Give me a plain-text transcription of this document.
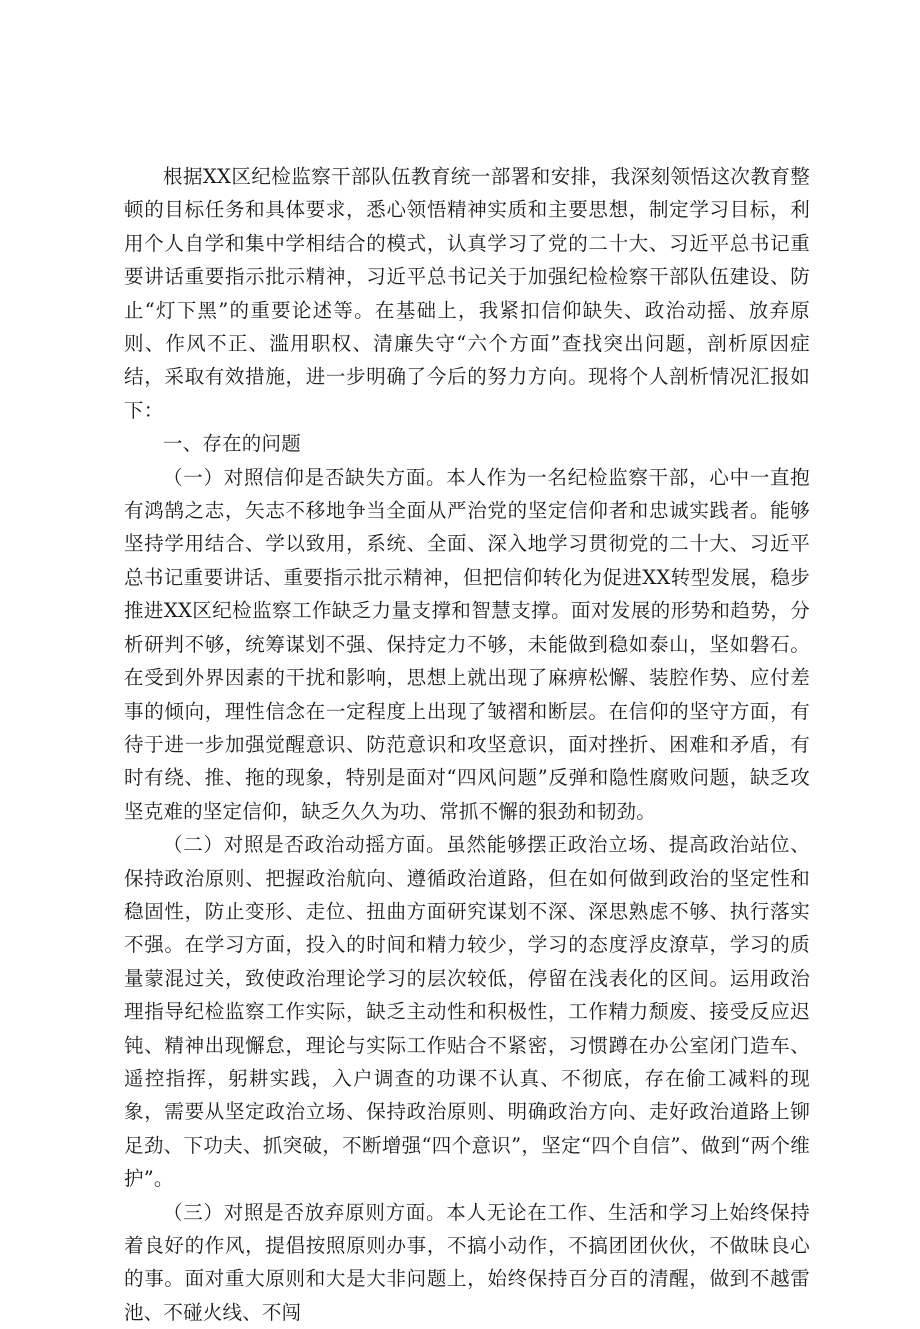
根据XX区纪检监察干部队伍教育统一部署和安排，我深刻领悟这次教育整顿的目标任务和具体要求，悉心领悟精神实质和主要思想，制定学习目标，利用个人自学和集中学相结合的模式，认真学习了党的二十大、习近平总书记重要讲话重要指示批示精神，习近平总书记关于加强纪检检察干部队伍建设、防止“灯下黑”的重要论述等。在基础上，我紧扣信仰缺失、政治动摇、放弃原则、作风不正、滥用职权、清廉失守“六个方面”查找突出问题，剖析原因症结，采取有效措施，进一步明确了今后的努力方向。现将个人剖析情况汇报如下：

一、存在的问题

（一）对照信仰是否缺失方面。本人作为一名纪检监察干部，心中一直抱有鸿鹄之志，矢志不移地争当全面从严治党的坚定信仰者和忠诚实践者。能够坚持学用结合、学以致用，系统、全面、深入地学习贯彻党的二十大、习近平总书记重要讲话、重要指示批示精神，但把信仰转化为促进XX转型发展，稳步推进XX区纪检监察工作缺乏力量支撑和智慧支撑。面对发展的形势和趋势，分析研判不够，统筹谋划不强、保持定力不够，未能做到稳如泰山，坚如磐石。在受到外界因素的干扰和影响，思想上就出现了麻痹松懈、装腔作势、应付差事的倾向，理性信念在一定程度上出现了皱褶和断层。在信仰的坚守方面，有待于进一步加强觉醒意识、防范意识和攻坚意识，面对挫折、困难和矛盾，有时有绕、推、拖的现象，特别是面对“四风问题”反弹和隐性腐败问题，缺乏攻坚克难的坚定信仰，缺乏久久为功、常抓不懈的狠劲和韧劲。

（二）对照是否政治动摇方面。虽然能够摆正政治立场、提高政治站位、保持政治原则、把握政治航向、遵循政治道路，但在如何做到政治的坚定性和稳固性，防止变形、走位、扭曲方面研究谋划不深、深思熟虑不够、执行落实不强。在学习方面，投入的时间和精力较少，学习的态度浮皮潦草，学习的质量蒙混过关，致使政治理论学习的层次较低，停留在浅表化的区间。运用政治理指导纪检监察工作实际，缺乏主动性和积极性，工作精力颓废、接受反应迟钝、精神出现懈怠，理论与实际工作贴合不紧密，习惯蹲在办公室闭门造车、遥控指挥，躬耕实践，入户调查的功课不认真、不彻底，存在偷工减料的现象，需要从坚定政治立场、保持政治原则、明确政治方向、走好政治道路上铆足劲、下功夫、抓突破，不断增强“四个意识”，坚定“四个自信”、做到“两个维护”。

（三）对照是否放弃原则方面。本人无论在工作、生活和学习上始终保持着良好的作风，提倡按照原则办事，不搞小动作，不搞团团伙伙，不做昧良心的事。面对重大原则和大是大非问题上，始终保持百分百的清醒，做到不越雷池、不碰火线、不闯
